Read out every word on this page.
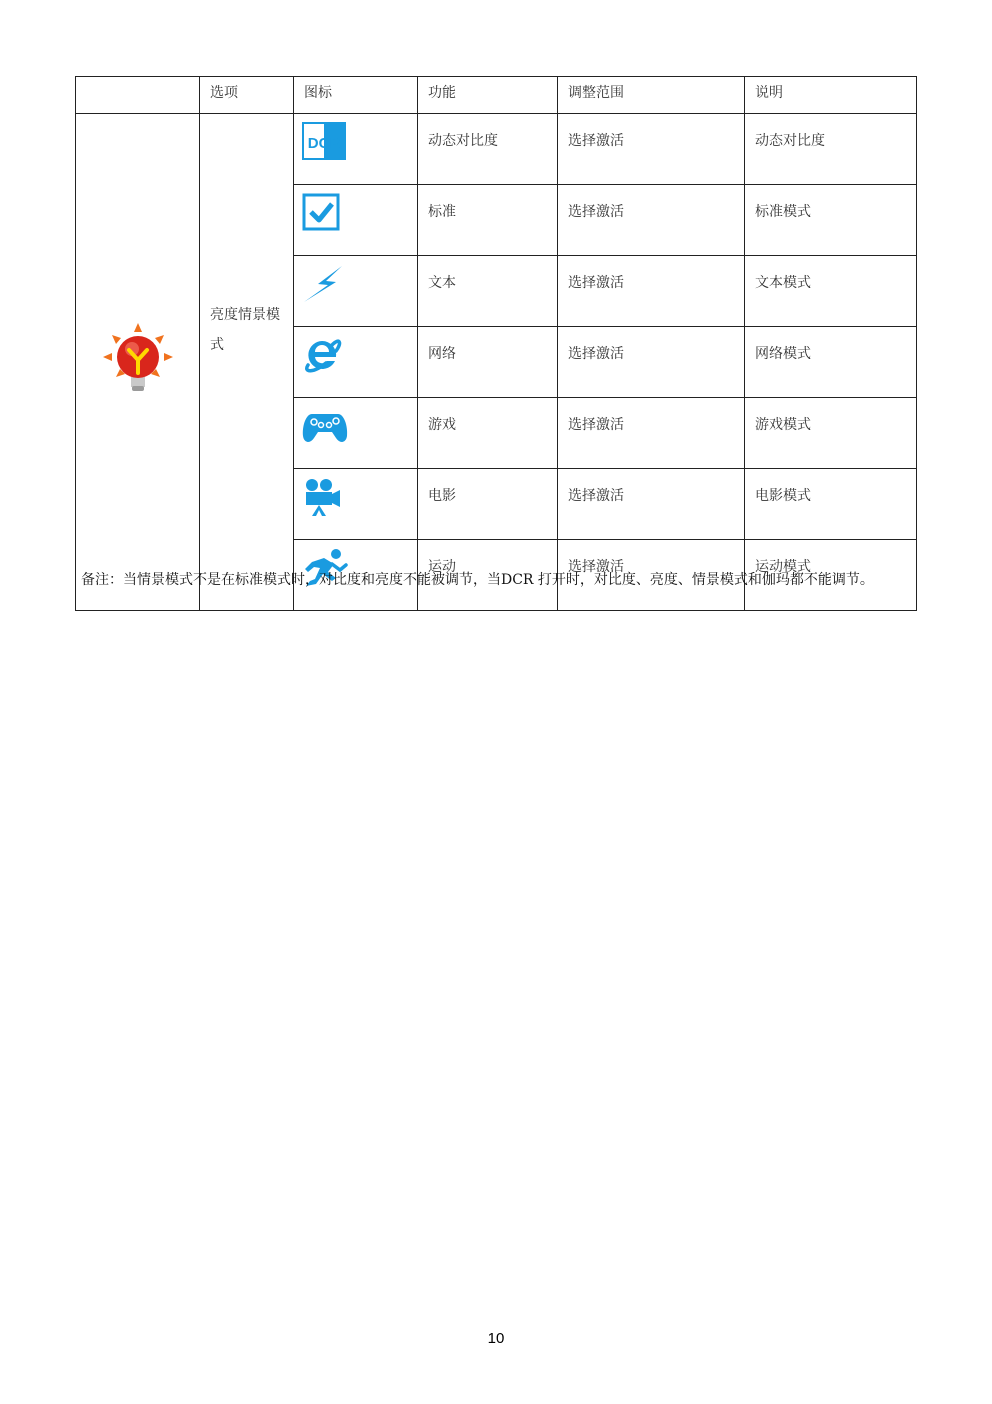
	选项	图标	功能	调整范围	说明

亮度情景模式	DCR	动态对比度	选择激活	动态对比度

标准	选择激活	标准模式

文本	选择激活	文本模式

网络	选择激活	网络模式

游戏	选择激活	游戏模式

电影	选择激活	电影模式

运动	选择激活	运动模式
备注：当情景模式不是在标准模式时，对比度和亮度不能被调节，当DCR 打开时，对比度、亮度、情景模式和伽玛都不能调节。
10
